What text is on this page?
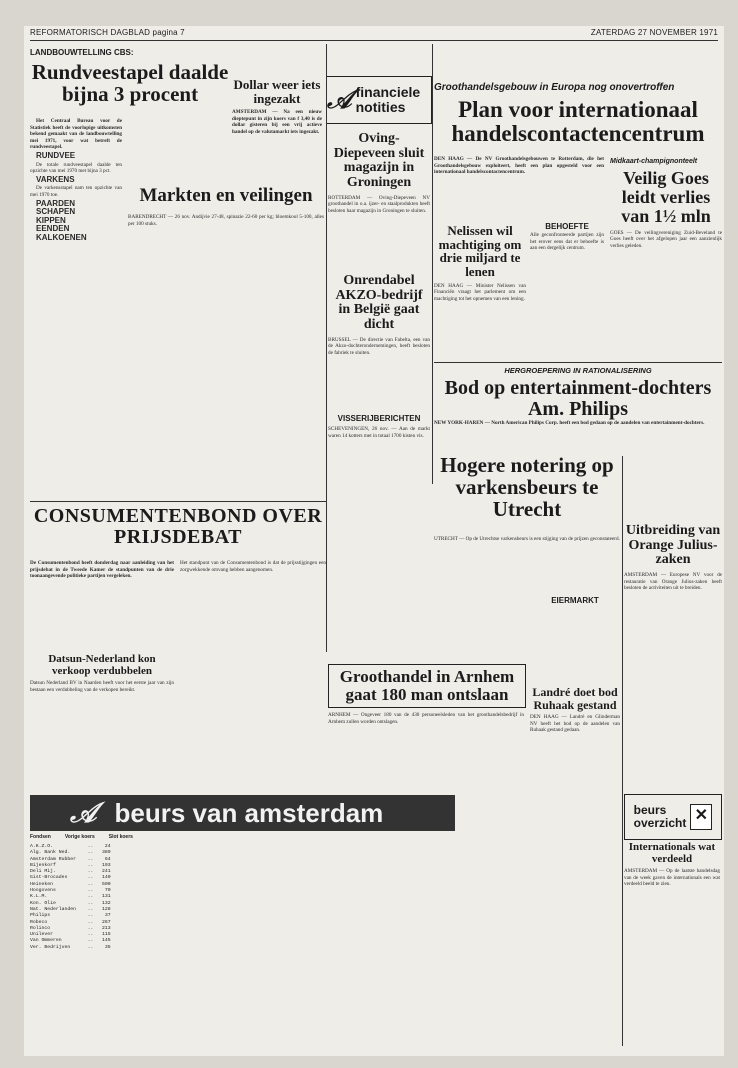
REFORMATORISCH DAGBLAD pagina 7	ZATERDAG 27 NOVEMBER 1971
LANDBOUWTELLING CBS:
Rundveestapel daalde bijna 3 procent

Het Centraal Bureau voor de Statistiek heeft de voorlopige uitkomsten bekend gemaakt van de landbouwtelling mei 1971, voor wat betreft de rundveestapel.

RUNDVEE

De totale rundveestapel daalde ten opzichte van mei 1970 met bijna 3 pct.

VARKENS

De varkensstapel nam ten opzichte van mei 1970 toe.

PAARDEN

SCHAPEN

KIPPEN

EENDEN

KALKOENEN

Dollar weer iets ingezakt
AMSTERDAM — Na een nieuw dieptepunt in zijn koers van f 3,40 is de dollar gisteren bij een vrij actieve handel op de valutamarkt iets ingezakt.
𝒜 financiele notities
Markten en veilingen
BARENDRECHT — 26 nov. Andijvie 27-48, spinazie 22-60 per kg; bloemkool 5-100, alles per 100 stuks.
Oving-Diepeveen sluit magazijn in Groningen
ROTTERDAM — Oving-Diepeveen NV groothandel in o.a. ijzer- en staalprodukten heeft besloten haar magazijn in Groningen te sluiten.
Onrendabel AKZO-bedrijf in België gaat dicht
BRUSSEL — De directie van Fabelta, een van de Akzo-dochterondernemingen, heeft besloten de fabriek te sluiten.
VISSERIJBERICHTEN
SCHEVENINGEN, 26 nov. — Aan de markt waren 14 kotters met in totaal 1700 kisten vis.
CONSUMENTENBOND OVER PRIJSDEBAT
De Consumentenbond heeft donderdag naar aanleiding van het prijsdebat in de Tweede Kamer de standpunten van de drie toonaangevende politieke partijen vergeleken.
Het standpunt van de Consumentenbond is dat de prijsstijgingen een zorgwekkende omvang hebben aangenomen.
Datsun-Nederland kon verkoop verdubbelen
Datsun Nederland BV in Naarden heeft voor het eerste jaar van zijn bestaan een verdubbeling van de verkopen bereikt.
Groothandelsgebouw in Europa nog onovertroffen
Plan voor internationaal handelscontactencentrum
DEN HAAG — De NV Groothandelsgebouwen te Rotterdam, die het Groothandelsgebouw exploiteert, heeft een plan opgesteld voor een internationaal handelscontactencentrum.
BEHOEFTE
Alle geconfronteerde partijen zijn het erover eens dat er behoefte is aan een dergelijk centrum.
Midkaart-champignonteelt
Veilig Goes leidt verlies van 1½ mln
GOES — De veilingvereniging Zuid-Beveland te Goes heeft over het afgelopen jaar een aanzienlijk verlies geleden.
Nelissen wil machtiging om drie miljard te lenen
DEN HAAG — Minister Nelissen van Financiën vraagt het parlement om een machtiging tot het opnemen van een lening.
HERGROEPERING IN RATIONALISERING
Bod op entertainment-dochters Am. Philips
NEW YORK-HAREN — North American Philips Corp. heeft een bod gedaan op de aandelen van entertainment-dochters.
Hogere notering op varkensbeurs te Utrecht
UTRECHT — Op de Utrechtse varkensbeurs is een stijging van de prijzen geconstateerd.
EIERMARKT
Uitbreiding van Orange Julius-zaken
AMSTERDAM — Europese NV voor de restauratie van Orange Julius-zaken heeft besloten de activiteiten uit te breiden.
Landré doet bod Ruhaak gestand
DEN HAAG — Landré en Glinderman NV heeft het bod op de aandelen van Ruhaak gestand gedaan.
Groothandel in Arnhem gaat 180 man ontslaan
ARNHEM — Ongeveer 180 van de 430 personeelsleden van het groothandelsbedrijf in Arnhem zullen worden ontslagen.
beurs
overzicht ✕
Internationals wat verdeeld
AMSTERDAM — Op de laatste handelsdag van de week gaven de internationals een wat verdeeld beeld te zien.
𝒜 beurs van amsterdam
Fondsen	Vorige koers	Slot koers
A.K.Z.O.            ..    24
Alg. Bank Ned.      ..   389
Amsterdam Rubber    ..    64
Bijenkorf           ..   193
Deli Mij.           ..   241
Gist-Brocades       ..   140
Heineken            ..   500
Hoogovens           ..    70
K.L.M.              ..   131
Kon. Olie           ..   132
Nat. Nederlanden    ..   128
Philips             ..    37
Robeco              ..   267
Rolinco             ..   213
Unilever            ..   115
Van Ommeren         ..   145
Ver. Bedrijven      ..    35
